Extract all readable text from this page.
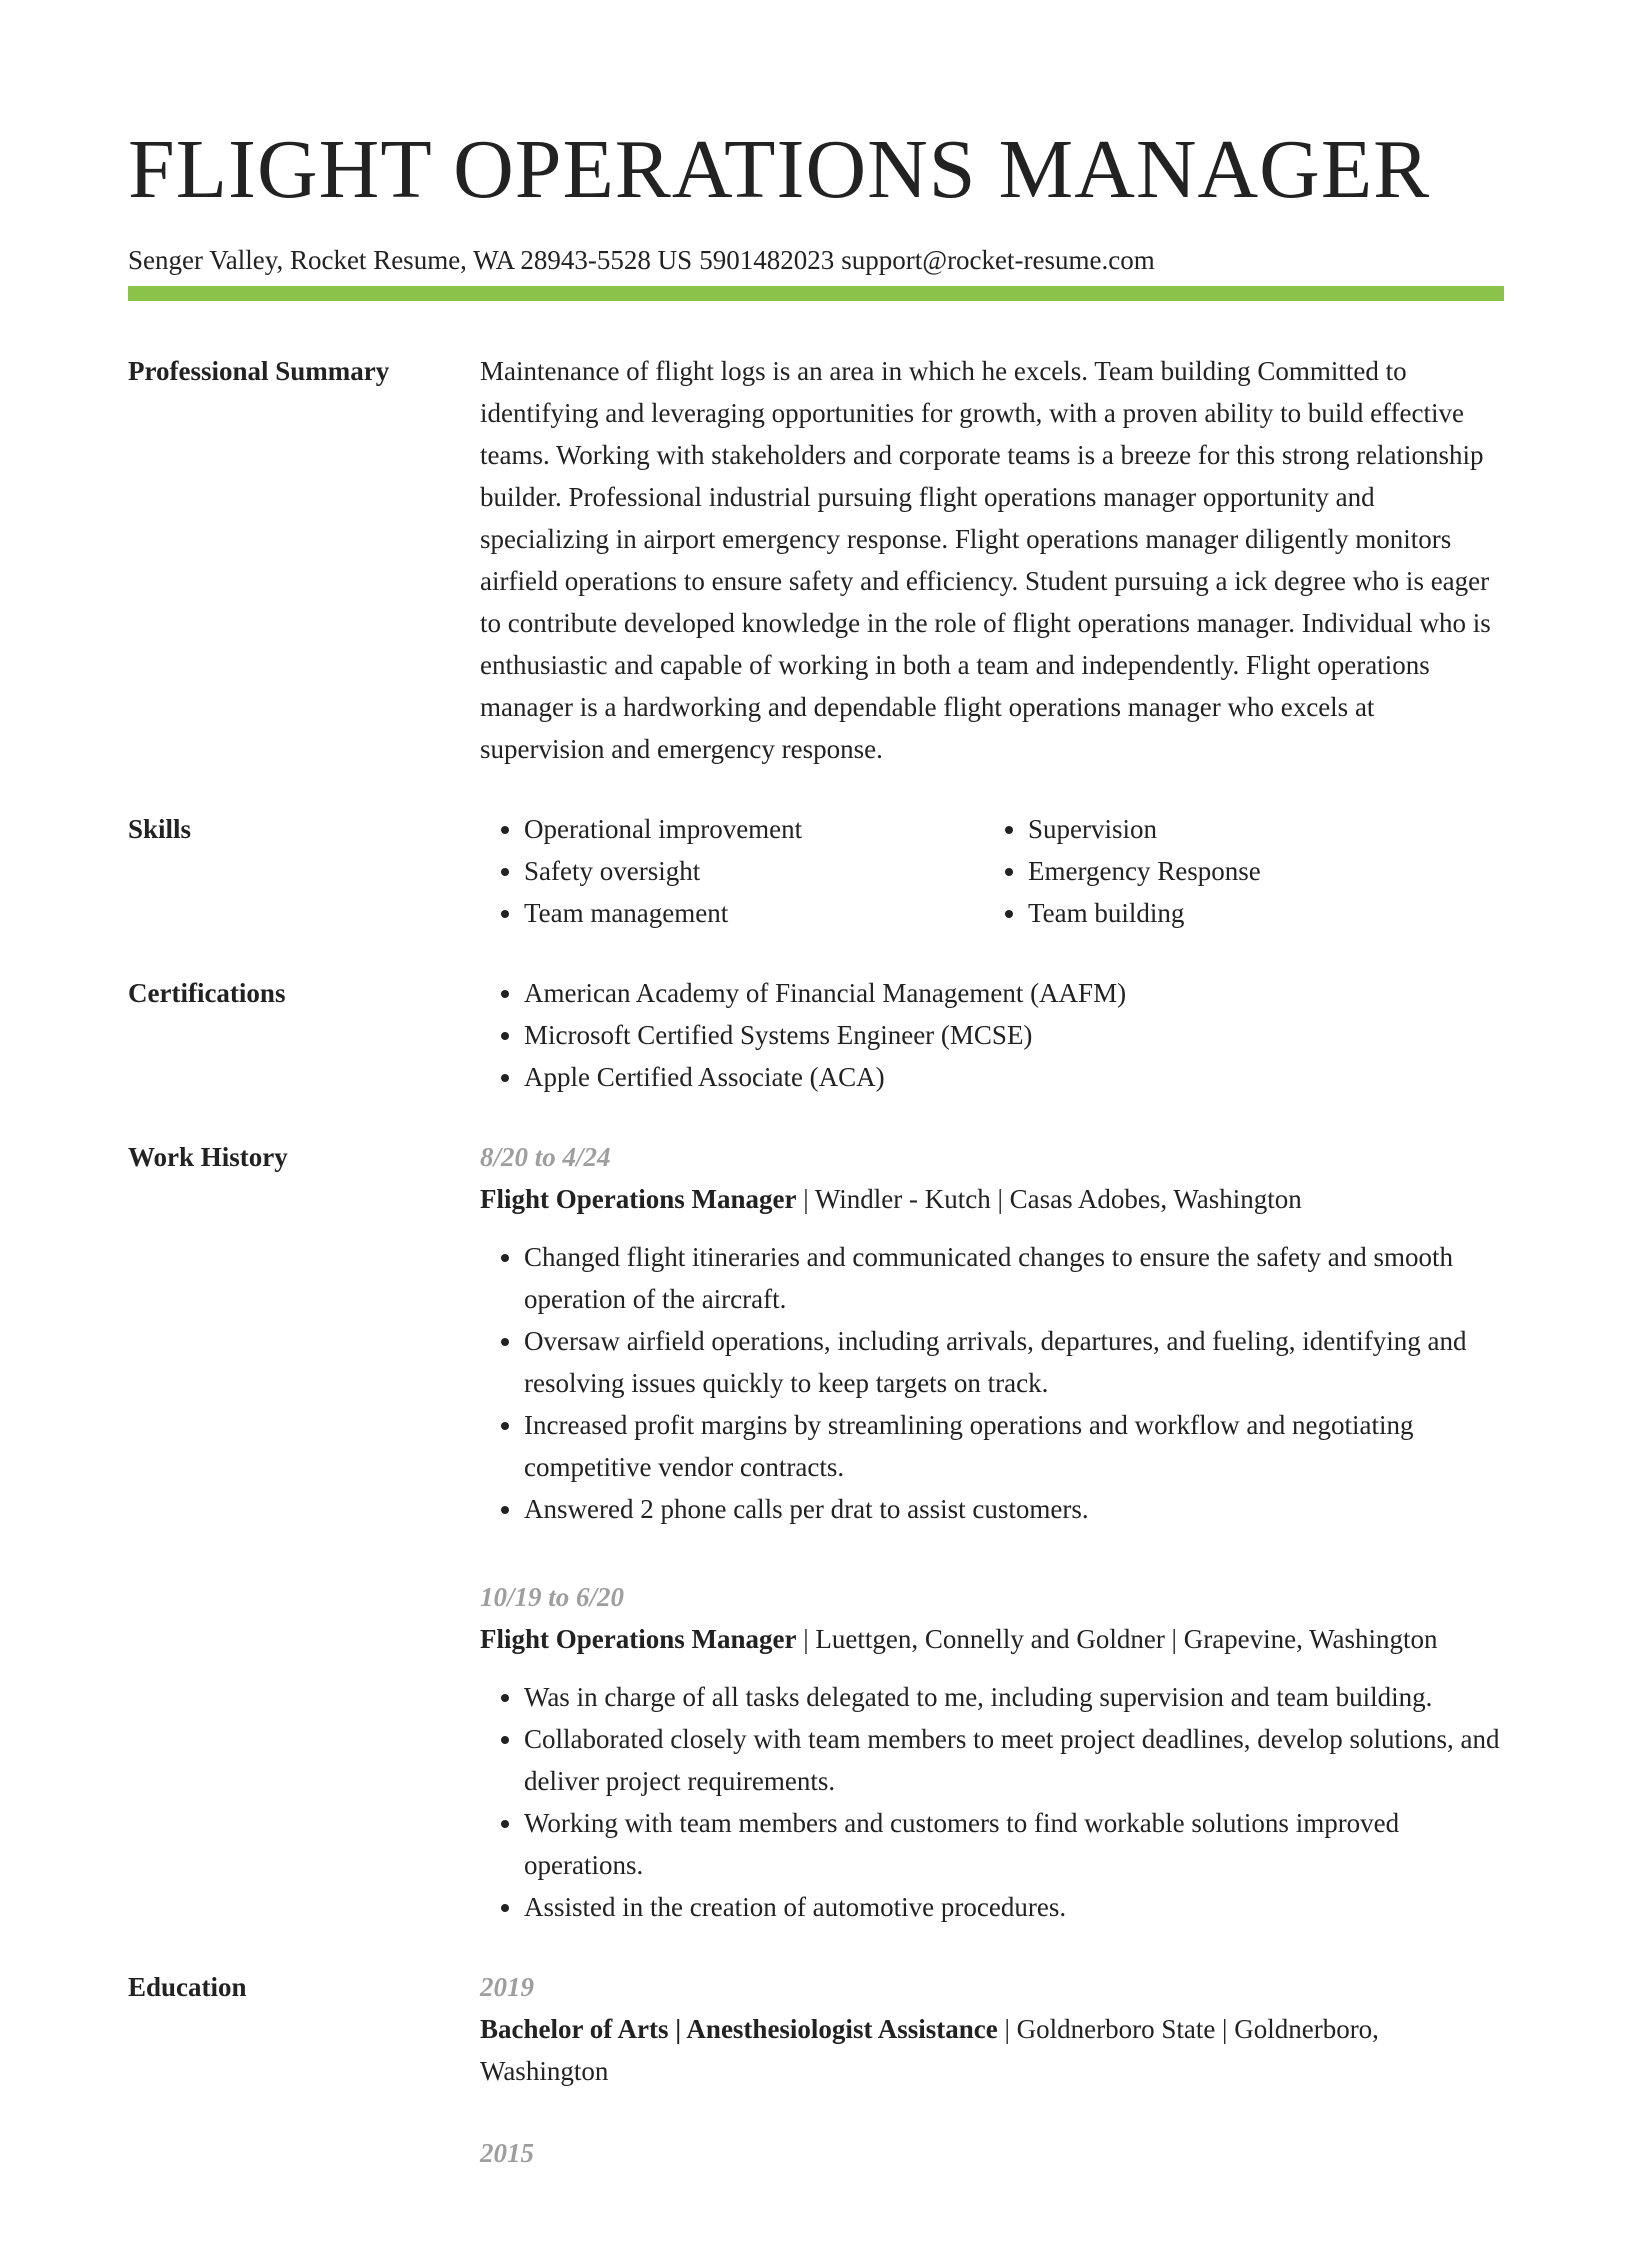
FLIGHT OPERATIONS MANAGER
Senger Valley, Rocket Resume, WA 28943-5528 US 5901482023 support@rocket-resume.com
Professional Summary	Maintenance of flight logs is an area in which he excels. Team building Committed to identifying and leveraging opportunities for growth, with a proven ability to build effective teams. Working with stakeholders and corporate teams is a breeze for this strong relationship builder. Professional industrial pursuing flight operations manager opportunity and specializing in airport emergency response. Flight operations manager diligently monitors airfield operations to ensure safety and efficiency. Student pursuing a ick degree who is eager to contribute developed knowledge in the role of flight operations manager. Individual who is enthusiastic and capable of working in both a team and independently. Flight operations manager is a hardworking and dependable flight operations manager who excels at supervision and emergency response.

Skills	• Operational improvement
• Safety oversight
• Team management
• Supervision
• Emergency Response
• Team building
Certifications	• American Academy of Financial Management (AAFM)
• Microsoft Certified Systems Engineer (MCSE)
• Apple Certified Associate (ACA)
Work History	8/20 to 4/24
Flight Operations Manager | Windler - Kutch | Casas Adobes, Washington
• Changed flight itineraries and communicated changes to ensure the safety and smooth operation of the aircraft.
• Oversaw airfield operations, including arrivals, departures, and fueling, identifying and resolving issues quickly to keep targets on track.
• Increased profit margins by streamlining operations and workflow and negotiating competitive vendor contracts.
• Answered 2 phone calls per drat to assist customers.
10/19 to 6/20
Flight Operations Manager | Luettgen, Connelly and Goldner | Grapevine, Washington
• Was in charge of all tasks delegated to me, including supervision and team building.
• Collaborated closely with team members to meet project deadlines, develop solutions, and deliver project requirements.
• Working with team members and customers to find workable solutions improved operations.
• Assisted in the creation of automotive procedures.
Education	2019
Bachelor of Arts | Anesthesiologist Assistance | Goldnerboro State | Goldnerboro, Washington
2015
